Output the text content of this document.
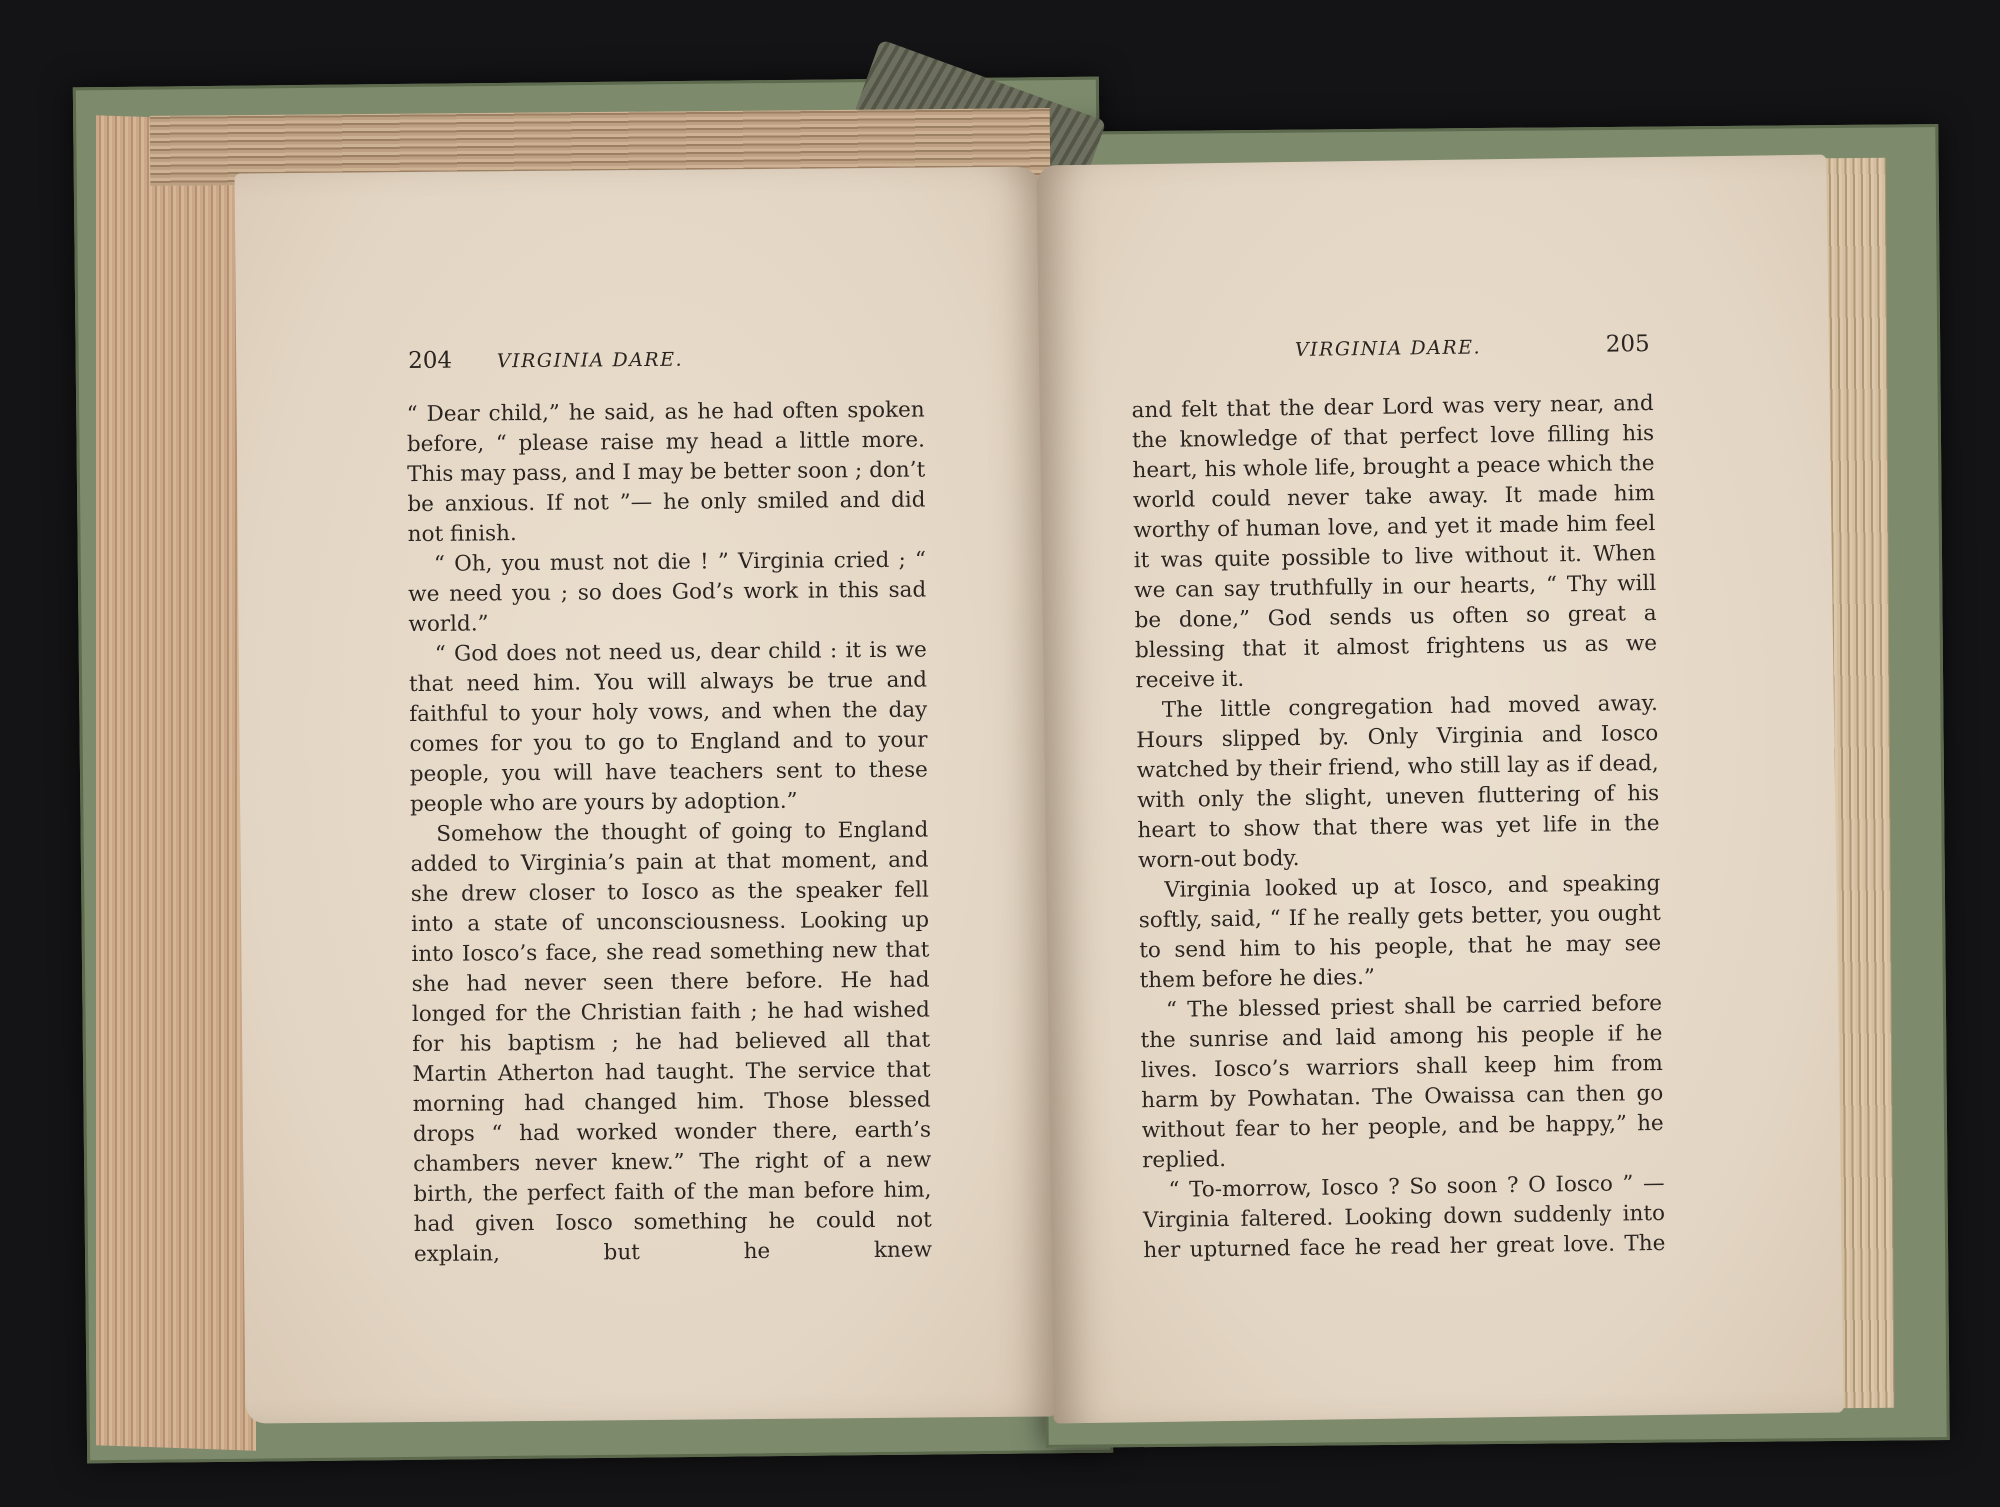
204 VIRGINIA DARE.

“ Dear child,” he said, as he had often spoken before, “ please raise my head a little more. This may pass, and I may be better soon ; don’t be anxious. If not ”— he only smiled and did not finish.

“ Oh, you must not die ! ” Virginia cried ; “ we need you ; so does God’s work in this sad world.”

“ God does not need us, dear child : it is we that need him. You will always be true and faithful to your holy vows, and when the day comes for you to go to England and to your people, you will have teachers sent to these people who are yours by adoption.”

Somehow the thought of going to England added to Virginia’s pain at that moment, and she drew closer to Iosco as the speaker fell into a state of unconsciousness. Looking up into Iosco’s face, she read something new that she had never seen there before. He had longed for the Christian faith ; he had wished for his baptism ; he had believed all that Martin Atherton had taught. The service that morning had changed him. Those blessed drops “ had worked wonder there, earth’s chambers never knew.” The right of a new birth, the perfect faith of the man before him, had given Iosco something he could not explain, but he knew

VIRGINIA DARE.	205

and felt that the dear Lord was very near, and the knowledge of that perfect love filling his heart, his whole life, brought a peace which the world could never take away. It made him worthy of human love, and yet it made him feel it was quite possible to live without it. When we can say truthfully in our hearts, “ Thy will be done,” God sends us often so great a blessing that it almost frightens us as we receive it.

The little congregation had moved away. Hours slipped by. Only Virginia and Iosco watched by their friend, who still lay as if dead, with only the slight, uneven fluttering of his heart to show that there was yet life in the worn-out body.

Virginia looked up at Iosco, and speaking softly, said, “ If he really gets better, you ought to send him to his people, that he may see them before he dies.”

“ The blessed priest shall be carried before the sunrise and laid among his people if he lives. Iosco’s warriors shall keep him from harm by Powhatan. The Owaissa can then go without fear to her people, and be happy,” he replied.

“ To-morrow, Iosco ? So soon ? O Iosco ” — Virginia faltered. Looking down suddenly into her upturned face he read her great love. The
